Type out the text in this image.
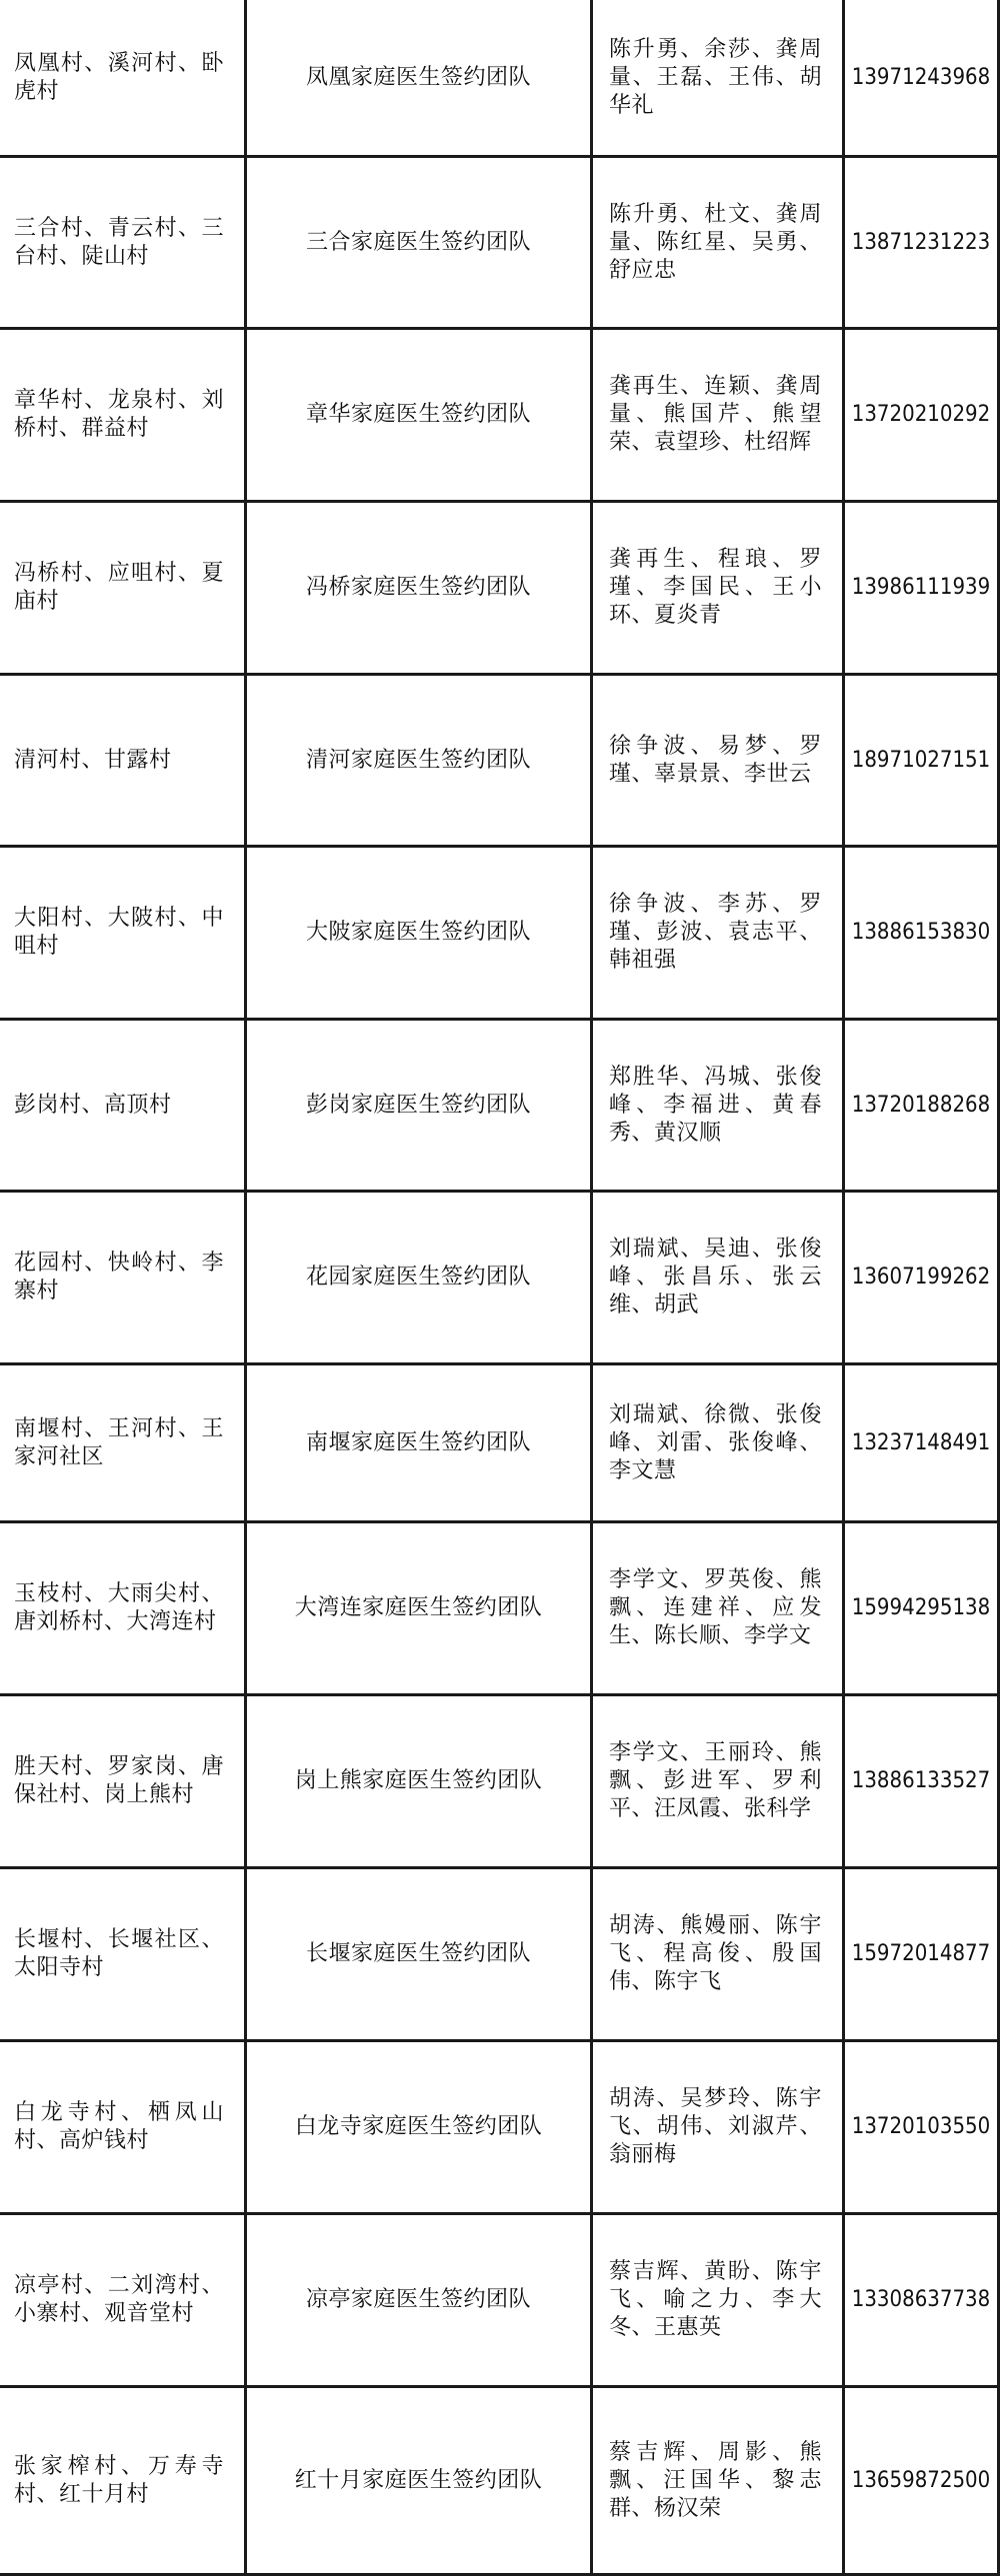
凤凰村、溪河村、卧虎村	凤凰家庭医生签约团队	陈升勇、余莎、龚周量、王磊、王伟、胡华礼	13971243968
三合村、青云村、三台村、陡山村	三合家庭医生签约团队	陈升勇、杜文、龚周量、陈红星、吴勇、舒应忠	13871231223
章华村、龙泉村、刘桥村、群益村	章华家庭医生签约团队	龚再生、连颖、龚周量、熊国芹、熊望荣、袁望珍、杜绍辉	13720210292
冯桥村、应咀村、夏庙村	冯桥家庭医生签约团队	龚再生、程琅、罗瑾、李国民、王小环、夏炎青	13986111939
清河村、甘露村	清河家庭医生签约团队	徐争波、易梦、罗瑾、辜景景、李世云	18971027151
大阳村、大陂村、中咀村	大陂家庭医生签约团队	徐争波、李苏、罗瑾、彭波、袁志平、韩祖强	13886153830
彭岗村、高顶村	彭岗家庭医生签约团队	郑胜华、冯城、张俊峰、李福进、黄春秀、黄汉顺	13720188268
花园村、快岭村、李寨村	花园家庭医生签约团队	刘瑞斌、吴迪、张俊峰、张昌乐、张云维、胡武	13607199262
南堰村、王河村、王家河社区	南堰家庭医生签约团队	刘瑞斌、徐微、张俊峰、刘雷、张俊峰、李文慧	13237148491
玉枝村、大雨尖村、唐刘桥村、大湾连村	大湾连家庭医生签约团队	李学文、罗英俊、熊飘、连建祥、应发生、陈长顺、李学文	15994295138
胜天村、罗家岗、唐保社村、岗上熊村	岗上熊家庭医生签约团队	李学文、王丽玲、熊飘、彭进军、罗利平、汪凤霞、张科学	13886133527
长堰村、长堰社区、太阳寺村	长堰家庭医生签约团队	胡涛、熊嫚丽、陈宇飞、程高俊、殷国伟、陈宇飞	15972014877
白龙寺村、栖凤山村、高炉钱村	白龙寺家庭医生签约团队	胡涛、吴梦玲、陈宇飞、胡伟、刘淑芹、翁丽梅	13720103550
凉亭村、二刘湾村、小寨村、观音堂村	凉亭家庭医生签约团队	蔡吉辉、黄盼、陈宇飞、喻之力、李大冬、王惠英	13308637738
张家榨村、万寿寺村、红十月村	红十月家庭医生签约团队	蔡吉辉、周影、熊飘、汪国华、黎志群、杨汉荣	13659872500
